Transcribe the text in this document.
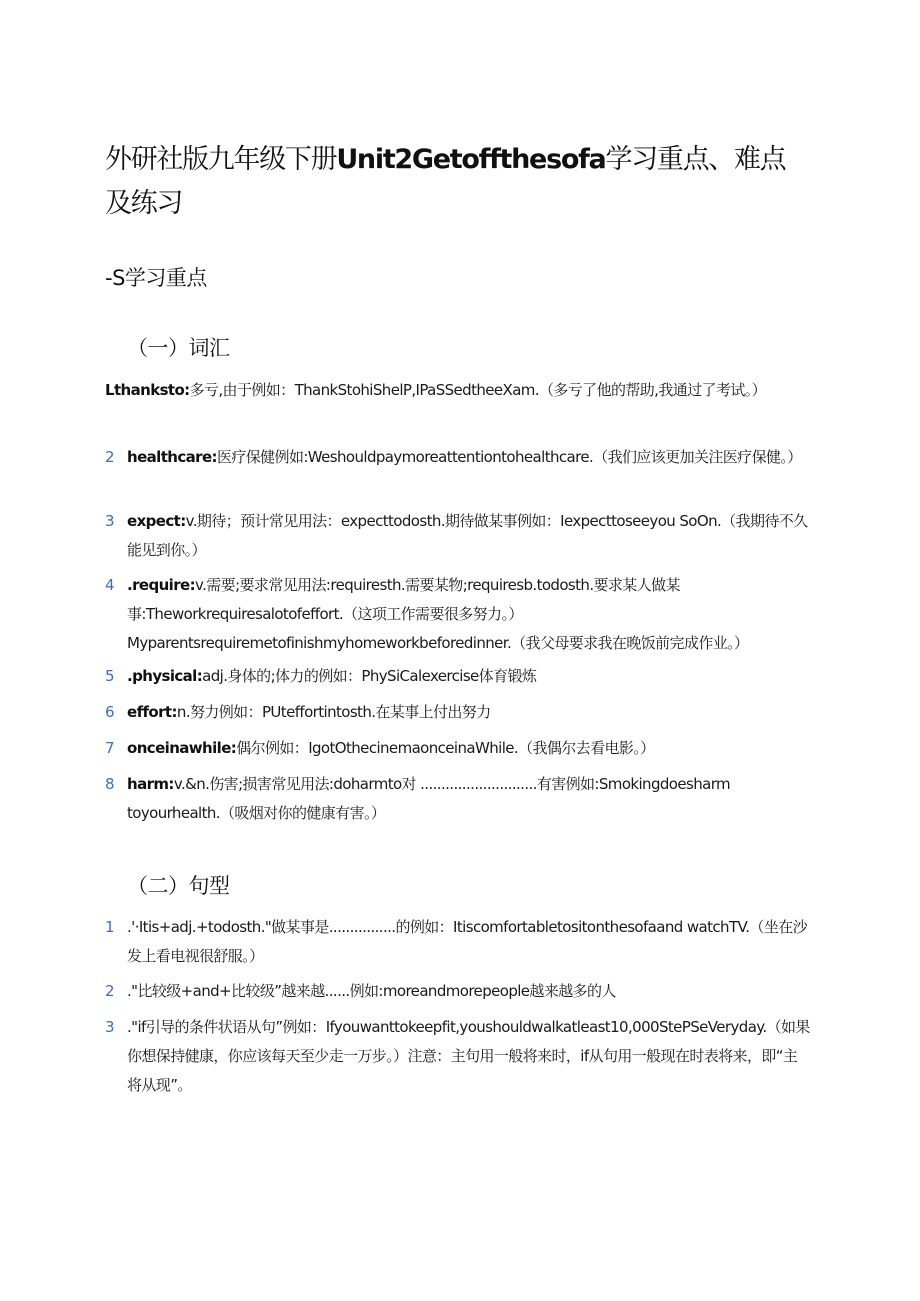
外研社版九年级下册Unit2Getoffthesofa学习重点、难点及练习
-S学习重点
（一）词汇
Lthanksto:多亏,由于例如：ThankStohiShelP,IPaSSedtheeXam.（多亏了他的帮助,我通过了考试。）
2 healthcare:医疗保健例如:Weshouldpaymoreattentiontohealthcare.（我们应该更加关注医疗保健。）
3 expect:v.期待；预计常见用法：expecttodosth.期待做某事例如：Iexpecttoseeyou SoOn.（我期待不久能见到你。）
4 .require:v.需要;要求常见用法:requiresth.需要某物;requiresb.todosth.要求某人做某事:Theworkrequiresalotofeffort.（这项工作需要很多努力。）Myparentsrequiremetofinishmyhomeworkbeforedinner.（我父母要求我在晚饭前完成作业。）
5 .physical:adj.身体的;体力的例如：PhySiCalexercise体育锻炼
6 effort:n.努力例如：PUteffortintosth.在某事上付出努力
7 onceinawhile:偶尔例如：IgotOthecinemaonceinaWhile.（我偶尔去看电影。）
8 harm:v.&n.伤害;损害常见用法:doharmto对 ............................有害例如:Smokingdoesharm toyourhealth.（吸烟对你的健康有害。）
（二）句型
1 .'·Itis+adj.+todosth."做某事是................的例如：Itiscomfortabletositonthesofaand watchTV.（坐在沙发上看电视很舒服。）
2 ."比较级+and+比较级”越来越......例如:moreandmorepeople越来越多的人
3 ."if引导的条件状语从句”例如：Ifyouwanttokeepfit,youshouldwalkatleast10,000StePSeVeryday.（如果你想保持健康，你应该每天至少走一万步。）注意：主句用一般将来时，if从句用一般现在时表将来，即“主将从现”。
